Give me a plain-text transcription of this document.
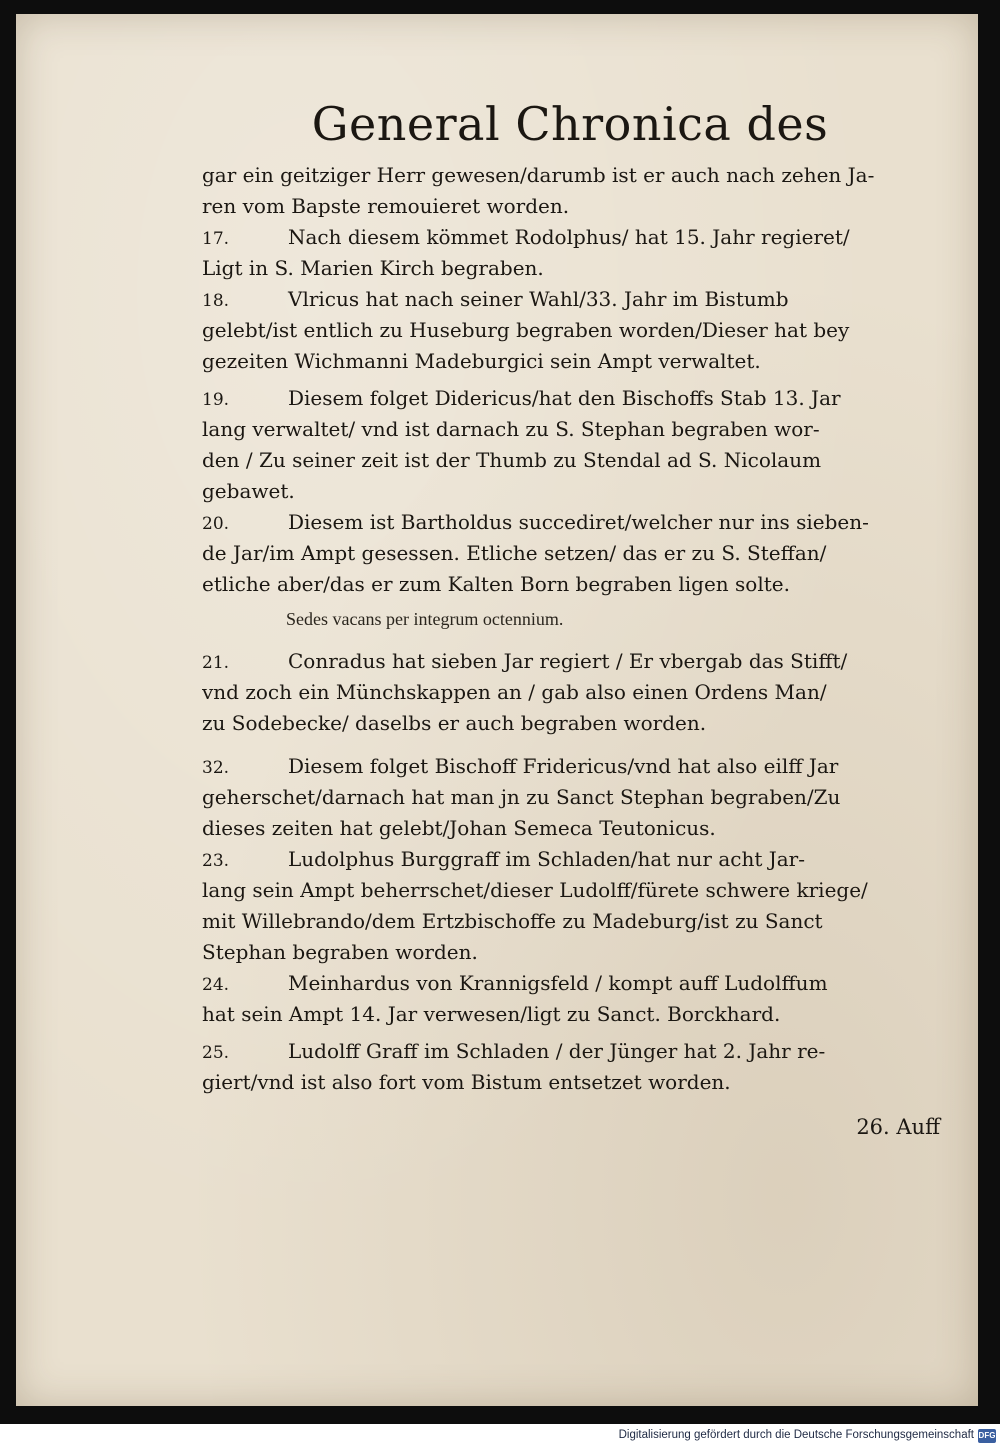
General Chronica des
gar ein geitziger Herr gewesen/darumb ist er auch nach zehen Ja-
ren vom Bapste remouieret worden.
17.	Nach diesem kömmet Rodolphus/ hat 15. Jahr regieret/
Ligt in S. Marien Kirch begraben.
18.	Vlricus hat nach seiner Wahl/33. Jahr im Bistumb
gelebt/ist entlich zu Huseburg begraben worden/Dieser hat bey
gezeiten Wichmanni Madeburgici sein Ampt verwaltet.
19.	Diesem folget Didericus/hat den Bischoffs Stab 13. Jar
lang verwaltet/ vnd ist darnach zu S. Stephan begraben wor-
den / Zu seiner zeit ist der Thumb zu Stendal ad S. Nicolaum
gebawet.
20.	Diesem ist Bartholdus succediret/welcher nur ins sieben-
de Jar/im Ampt gesessen. Etliche setzen/ das er zu S. Steffan/
etliche aber/das er zum Kalten Born begraben ligen solte.
Sedes vacans per integrum octennium.
21.	Conradus hat sieben Jar regiert / Er vbergab das Stifft/
vnd zoch ein Münchskappen an / gab also einen Ordens Man/
zu Sodebecke/ daselbs er auch begraben worden.
32.	Diesem folget Bischoff Fridericus/vnd hat also eilff Jar
geherschet/darnach hat man jn zu Sanct Stephan begraben/Zu
dieses zeiten hat gelebt/Johan Semeca Teutonicus.
23.	Ludolphus Burggraff im Schladen/hat nur acht Jar-
lang sein Ampt beherrschet/dieser Ludolff/fürete schwere kriege/
mit Willebrando/dem Ertzbischoffe zu Madeburg/ist zu Sanct
Stephan begraben worden.
24.	Meinhardus von Krannigsfeld / kompt auff Ludolffum
hat sein Ampt 14. Jar verwesen/ligt zu Sanct. Borckhard.
25.	Ludolff Graff im Schladen / der Jünger hat 2. Jahr re-
giert/vnd ist also fort vom Bistum entsetzet worden.
26. Auff
Digitalisierung gefördert durch die Deutsche Forschungsgemeinschaft DFG
